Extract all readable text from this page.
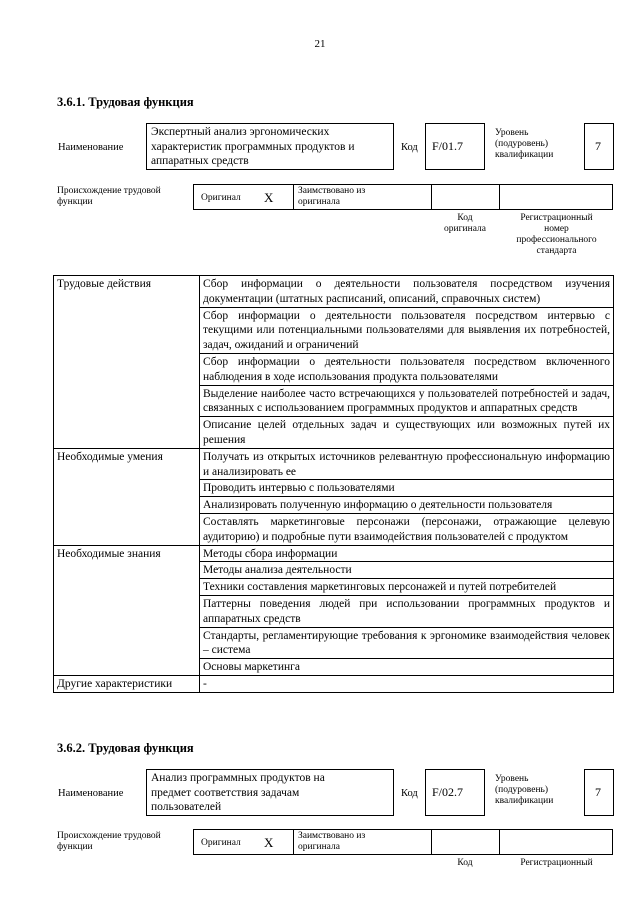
21
3.6.1. Трудовая функция
Наименование
Экспертный анализ эргономических
характеристик программных продуктов и
аппаратных средств
Код F/01.7
Уровень
(подуровень)
квалификации
7
Происхождение трудовой
функции	Оригинал X	Заимствовано из
оригинала
Код
оригинала
Регистрационный
номер
профессионального
стандарта
Трудовые действия	Сбор информации о деятельности пользователя посредством изучения документации (штатных расписаний, описаний, справочных систем)
	Сбор информации о деятельности пользователя посредством интервью с текущими или потенциальными пользователями для выявления их потребностей, задач, ожиданий и ограничений
	Сбор информации о деятельности пользователя посредством включенного наблюдения в ходе использования продукта пользователями
	Выделение наиболее часто встречающихся у пользователей потребностей и задач, связанных с использованием программных продуктов и аппаратных средств
	Описание целей отдельных задач и существующих или возможных путей их решения
Необходимые умения	Получать из открытых источников релевантную профессиональную информацию и анализировать ее
	Проводить интервью с пользователями
	Анализировать полученную информацию о деятельности пользователя
	Составлять маркетинговые персонажи (персонажи, отражающие целевую аудиторию) и подробные пути взаимодействия пользователей с продуктом
Необходимые знания	Методы сбора информации
	Методы анализа деятельности
	Техники составления маркетинговых персонажей и путей потребителей
	Паттерны поведения людей при использовании программных продуктов и аппаратных средств
	Стандарты, регламентирующие требования к эргономике взаимодействия человек – система
	Основы маркетинга
Другие характеристики	-
3.6.2. Трудовая функция
Наименование
Анализ программных продуктов на
предмет соответствия задачам
пользователей
Код F/02.7
Уровень
(подуровень)
квалификации
7
Происхождение трудовой
функции	Оригинал X	Заимствовано из
оригинала
Код	Регистрационный
